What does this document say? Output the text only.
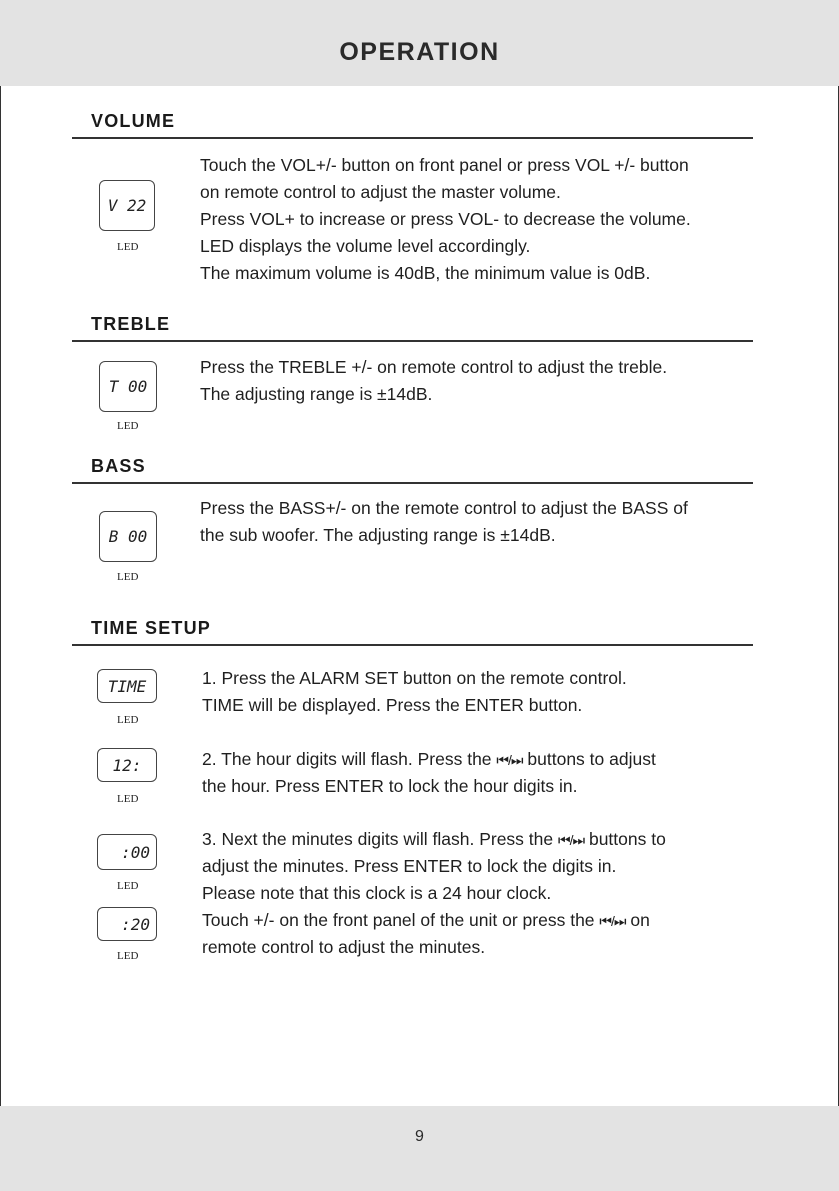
OPERATION
VOLUME
V 22
LED
Touch the VOL+/- button on front panel or press VOL +/- button
on remote control to adjust the master volume.
Press VOL+ to increase or press VOL- to decrease the volume.
LED displays the volume level accordingly.
The maximum volume is 40dB, the minimum value is 0dB.
TREBLE
T 00
LED
Press the TREBLE +/- on remote control to adjust the treble.
The adjusting range is ±14dB.
BASS
B 00
LED
Press the BASS+/- on the remote control to adjust the BASS of
the sub woofer. The adjusting range is ±14dB.
TIME SETUP
TIME
LED
12:
LED
:00
LED
:20
LED
1. Press the ALARM SET button on the remote control.
TIME will be displayed. Press the ENTER button.
2. The hour digits will flash. Press the ⏮/⏭ buttons to adjust
the hour. Press ENTER to lock the hour digits in.
3. Next the minutes digits will flash. Press the ⏮/⏭ buttons to
adjust the minutes. Press ENTER to lock the digits in.
Please note that this clock is a 24 hour clock.
Touch +/- on the front panel of the unit or press the ⏮/⏭ on
remote control to adjust the minutes.
9
